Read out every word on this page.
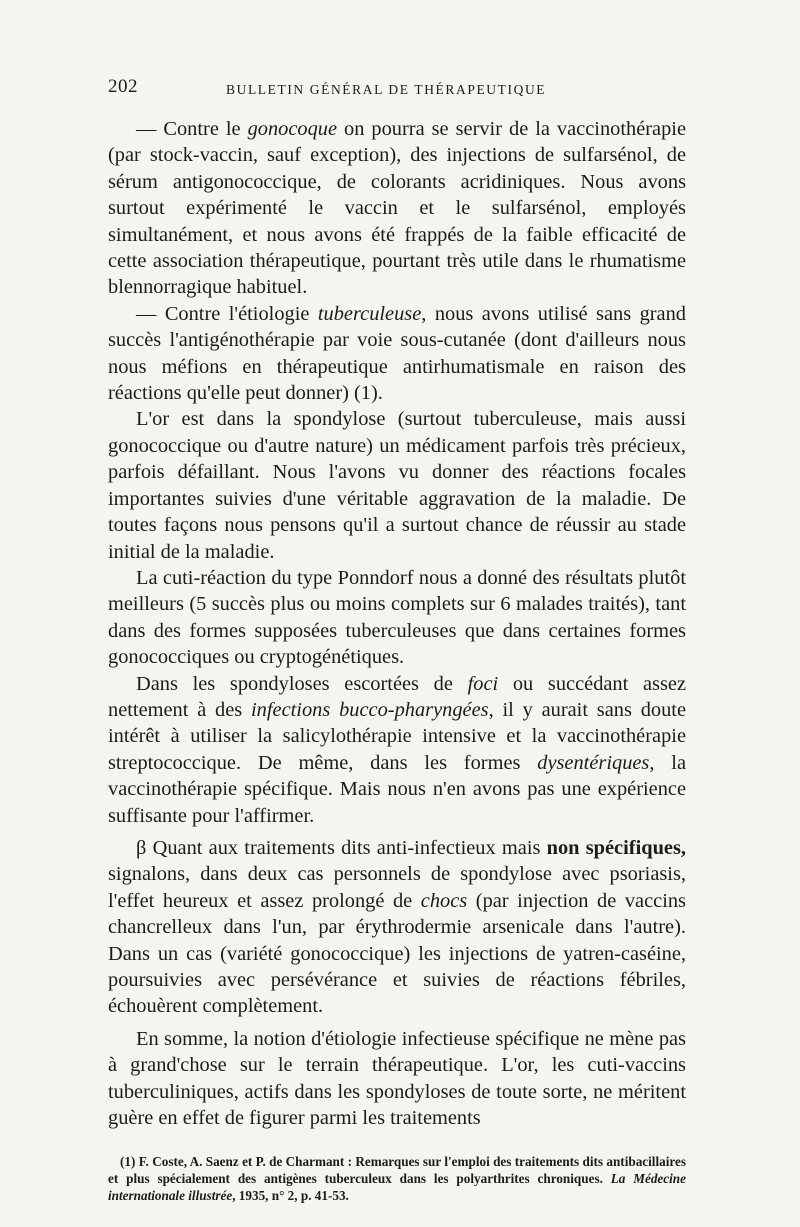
202	BULLETIN GÉNÉRAL DE THÉRAPEUTIQUE

— Contre le gonocoque on pourra se servir de la vaccinothérapie (par stock-vaccin, sauf exception), des injections de sulfarsénol, de sérum antigonococcique, de colorants acridiniques. Nous avons surtout expérimenté le vaccin et le sulfarsénol, employés simultanément, et nous avons été frappés de la faible efficacité de cette association thérapeutique, pourtant très utile dans le rhumatisme blennorragique habituel.

— Contre l'étiologie tuberculeuse, nous avons utilisé sans grand succès l'antigénothérapie par voie sous-cutanée (dont d'ailleurs nous nous méfions en thérapeutique antirhumatismale en raison des réactions qu'elle peut donner) (1).

L'or est dans la spondylose (surtout tuberculeuse, mais aussi gonococcique ou d'autre nature) un médicament parfois très précieux, parfois défaillant. Nous l'avons vu donner des réactions focales importantes suivies d'une véritable aggravation de la maladie. De toutes façons nous pensons qu'il a surtout chance de réussir au stade initial de la maladie.

La cuti-réaction du type Ponndorf nous a donné des résultats plutôt meilleurs (5 succès plus ou moins complets sur 6 malades traités), tant dans des formes supposées tuberculeuses que dans certaines formes gonococciques ou cryptogénétiques.

Dans les spondyloses escortées de foci ou succédant assez nettement à des infections bucco-pharyngées, il y aurait sans doute intérêt à utiliser la salicylothérapie intensive et la vaccinothérapie streptococcique. De même, dans les formes dysentériques, la vaccinothérapie spécifique. Mais nous n'en avons pas une expérience suffisante pour l'affirmer.

β Quant aux traitements dits anti-infectieux mais non spécifiques, signalons, dans deux cas personnels de spondylose avec psoriasis, l'effet heureux et assez prolongé de chocs (par injection de vaccins chancrelleux dans l'un, par érythrodermie arsenicale dans l'autre). Dans un cas (variété gonococcique) les injections de yatren-caséine, poursuivies avec persévérance et suivies de réactions fébriles, échouèrent complètement.

En somme, la notion d'étiologie infectieuse spécifique ne mène pas à grand'chose sur le terrain thérapeutique. L'or, les cuti-vaccins tuberculiniques, actifs dans les spondyloses de toute sorte, ne méritent guère en effet de figurer parmi les traitements

(1) F. Coste, A. Saenz et P. de Charmant : Remarques sur l'emploi des traitements dits antibacillaires et plus spécialement des antigènes tuberculeux dans les polyarthrites chroniques. La Médecine internationale illustrée, 1935, n° 2, p. 41-53.
